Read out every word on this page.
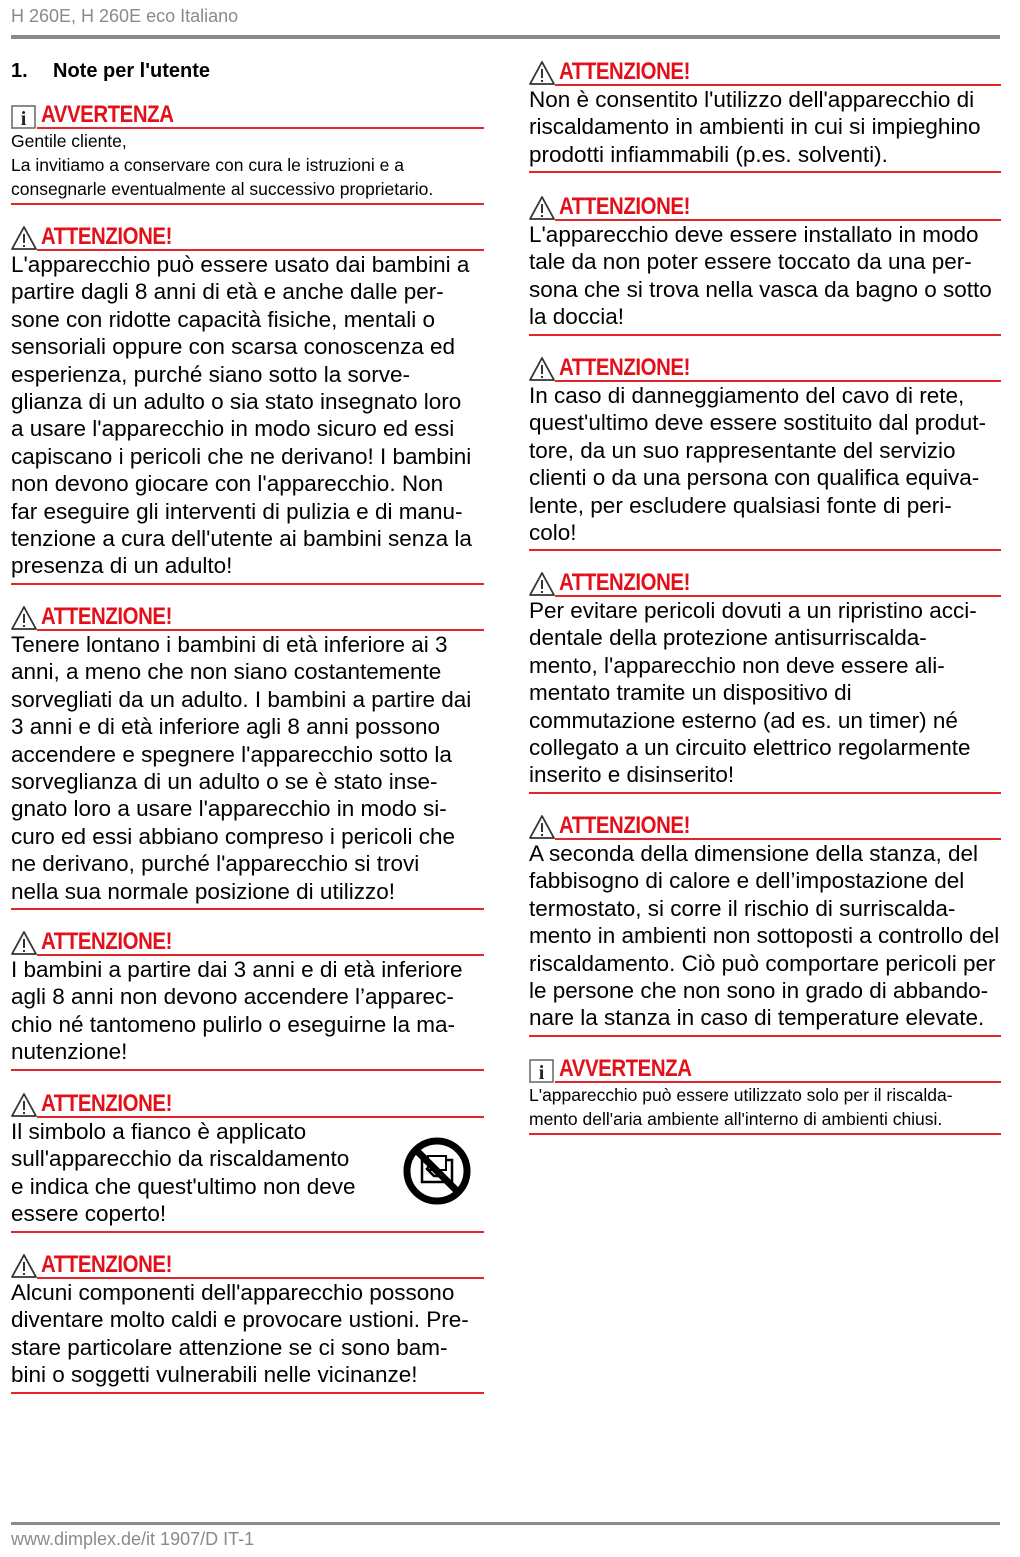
H 260E, H 260E eco Italiano
1. Note per l'utente
i AVVERTENZA
Gentile cliente,
La invitiamo a conservare con cura le istruzioni e a
consegnarle eventualmente al successivo proprietario.
ATTENZIONE!
L'apparecchio può essere usato dai bambini a
partire dagli 8 anni di età e anche dalle per-
sone con ridotte capacità fisiche, mentali o
sensoriali oppure con scarsa conoscenza ed
esperienza, purché siano sotto la sorve-
glianza di un adulto o sia stato insegnato loro
a usare l'apparecchio in modo sicuro ed essi
capiscano i pericoli che ne derivano! I bambini
non devono giocare con l'apparecchio. Non
far eseguire gli interventi di pulizia e di manu-
tenzione a cura dell'utente ai bambini senza la
presenza di un adulto!
ATTENZIONE!
Tenere lontano i bambini di età inferiore ai 3
anni, a meno che non siano costantemente
sorvegliati da un adulto. I bambini a partire dai
3 anni e di età inferiore agli 8 anni possono
accendere e spegnere l'apparecchio sotto la
sorveglianza di un adulto o se è stato inse-
gnato loro a usare l'apparecchio in modo si-
curo ed essi abbiano compreso i pericoli che
ne derivano, purché l'apparecchio si trovi
nella sua normale posizione di utilizzo!
ATTENZIONE!
I bambini a partire dai 3 anni e di età inferiore
agli 8 anni non devono accendere l’apparec-
chio né tantomeno pulirlo o eseguirne la ma-
nutenzione!
ATTENZIONE!
Il simbolo a fianco è applicato
sull'apparecchio da riscaldamento
e indica che quest'ultimo non deve
essere coperto!
ATTENZIONE!
Alcuni componenti dell'apparecchio possono
diventare molto caldi e provocare ustioni. Pre-
stare particolare attenzione se ci sono bam-
bini o soggetti vulnerabili nelle vicinanze!
ATTENZIONE!
Non è consentito l'utilizzo dell'apparecchio di
riscaldamento in ambienti in cui si impieghino
prodotti infiammabili (p.es. solventi).
ATTENZIONE!
L'apparecchio deve essere installato in modo
tale da non poter essere toccato da una per-
sona che si trova nella vasca da bagno o sotto
la doccia!
ATTENZIONE!
In caso di danneggiamento del cavo di rete,
quest'ultimo deve essere sostituito dal produt-
tore, da un suo rappresentante del servizio
clienti o da una persona con qualifica equiva-
lente, per escludere qualsiasi fonte di peri-
colo!
ATTENZIONE!
Per evitare pericoli dovuti a un ripristino acci-
dentale della protezione antisurriscalda-
mento, l'apparecchio non deve essere ali-
mentato tramite un dispositivo di
commutazione esterno (ad es. un timer) né
collegato a un circuito elettrico regolarmente
inserito e disinserito!
ATTENZIONE!
A seconda della dimensione della stanza, del
fabbisogno di calore e dell’impostazione del
termostato, si corre il rischio di surriscalda-
mento in ambienti non sottoposti a controllo del
riscaldamento. Ciò può comportare pericoli per
le persone che non sono in grado di abbando-
nare la stanza in caso di temperature elevate.
i AVVERTENZA
L'apparecchio può essere utilizzato solo per il riscalda-
mento dell'aria ambiente all'interno di ambienti chiusi.
www.dimplex.de/it 1907/D IT-1
